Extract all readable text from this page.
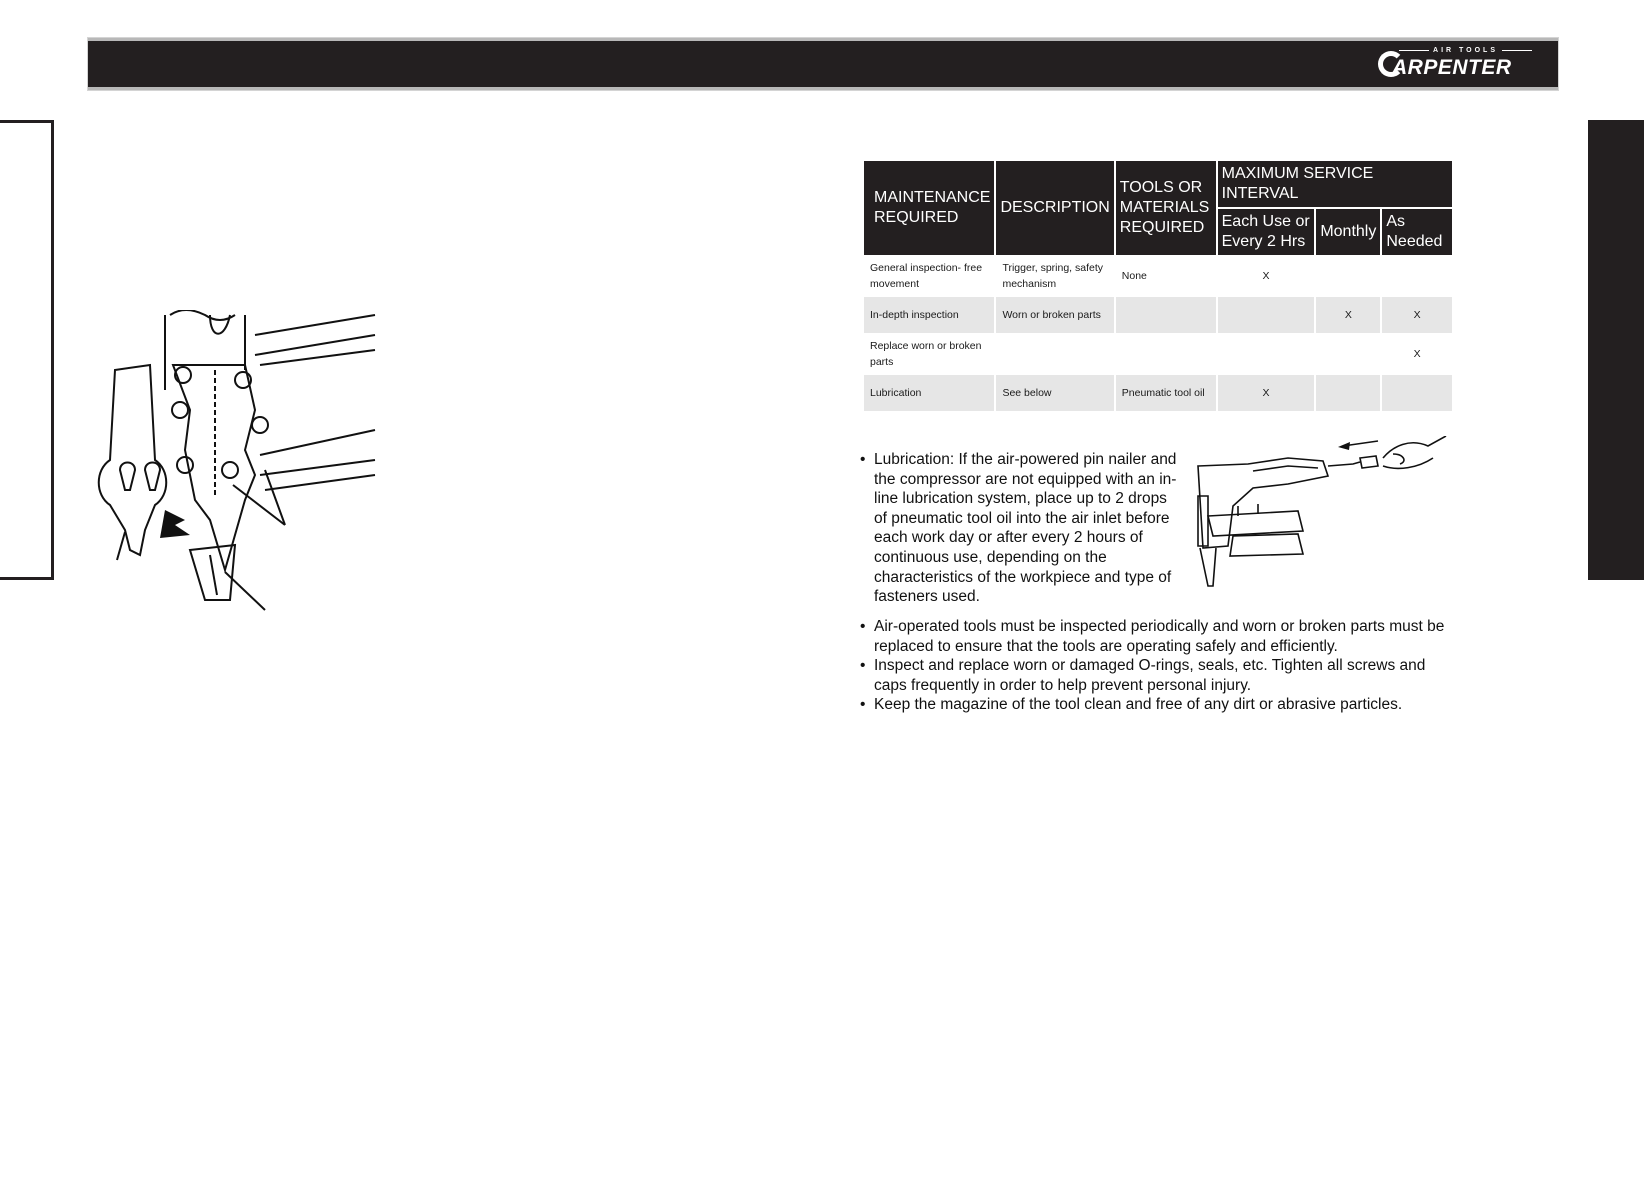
AIR TOOLS
ARPENTER
MAINTENANCE REQUIRED	DESCRIPTION	TOOLS OR MATERIALS REQUIRED	MAXIMUM SERVICE INTERVAL		
			Each Use or Every 2 Hrs	Monthly	As Needed
General inspection- free movement	Trigger, spring, safety mechanism	None	X		
In-depth inspection	Worn or broken parts			X	X
Replace worn or broken parts					X
Lubrication	See below	Pneumatic tool oil	X		
• Lubrication: If the air-powered pin nailer and the compressor are not equipped with an in-line lubrication system, place up to 2 drops of pneumatic tool oil into the air inlet before each work day or after every 2 hours of continuous use, depending on the characteristics of the workpiece and type of fasteners used.
• Air-operated tools must be inspected periodically and worn or broken parts must be replaced to ensure that the tools are operating safely and efficiently.
• Inspect and replace worn or damaged O-rings, seals, etc. Tighten all screws and caps frequently in order to help prevent personal injury.
• Keep the magazine of the tool clean and free of any dirt or abrasive particles.
